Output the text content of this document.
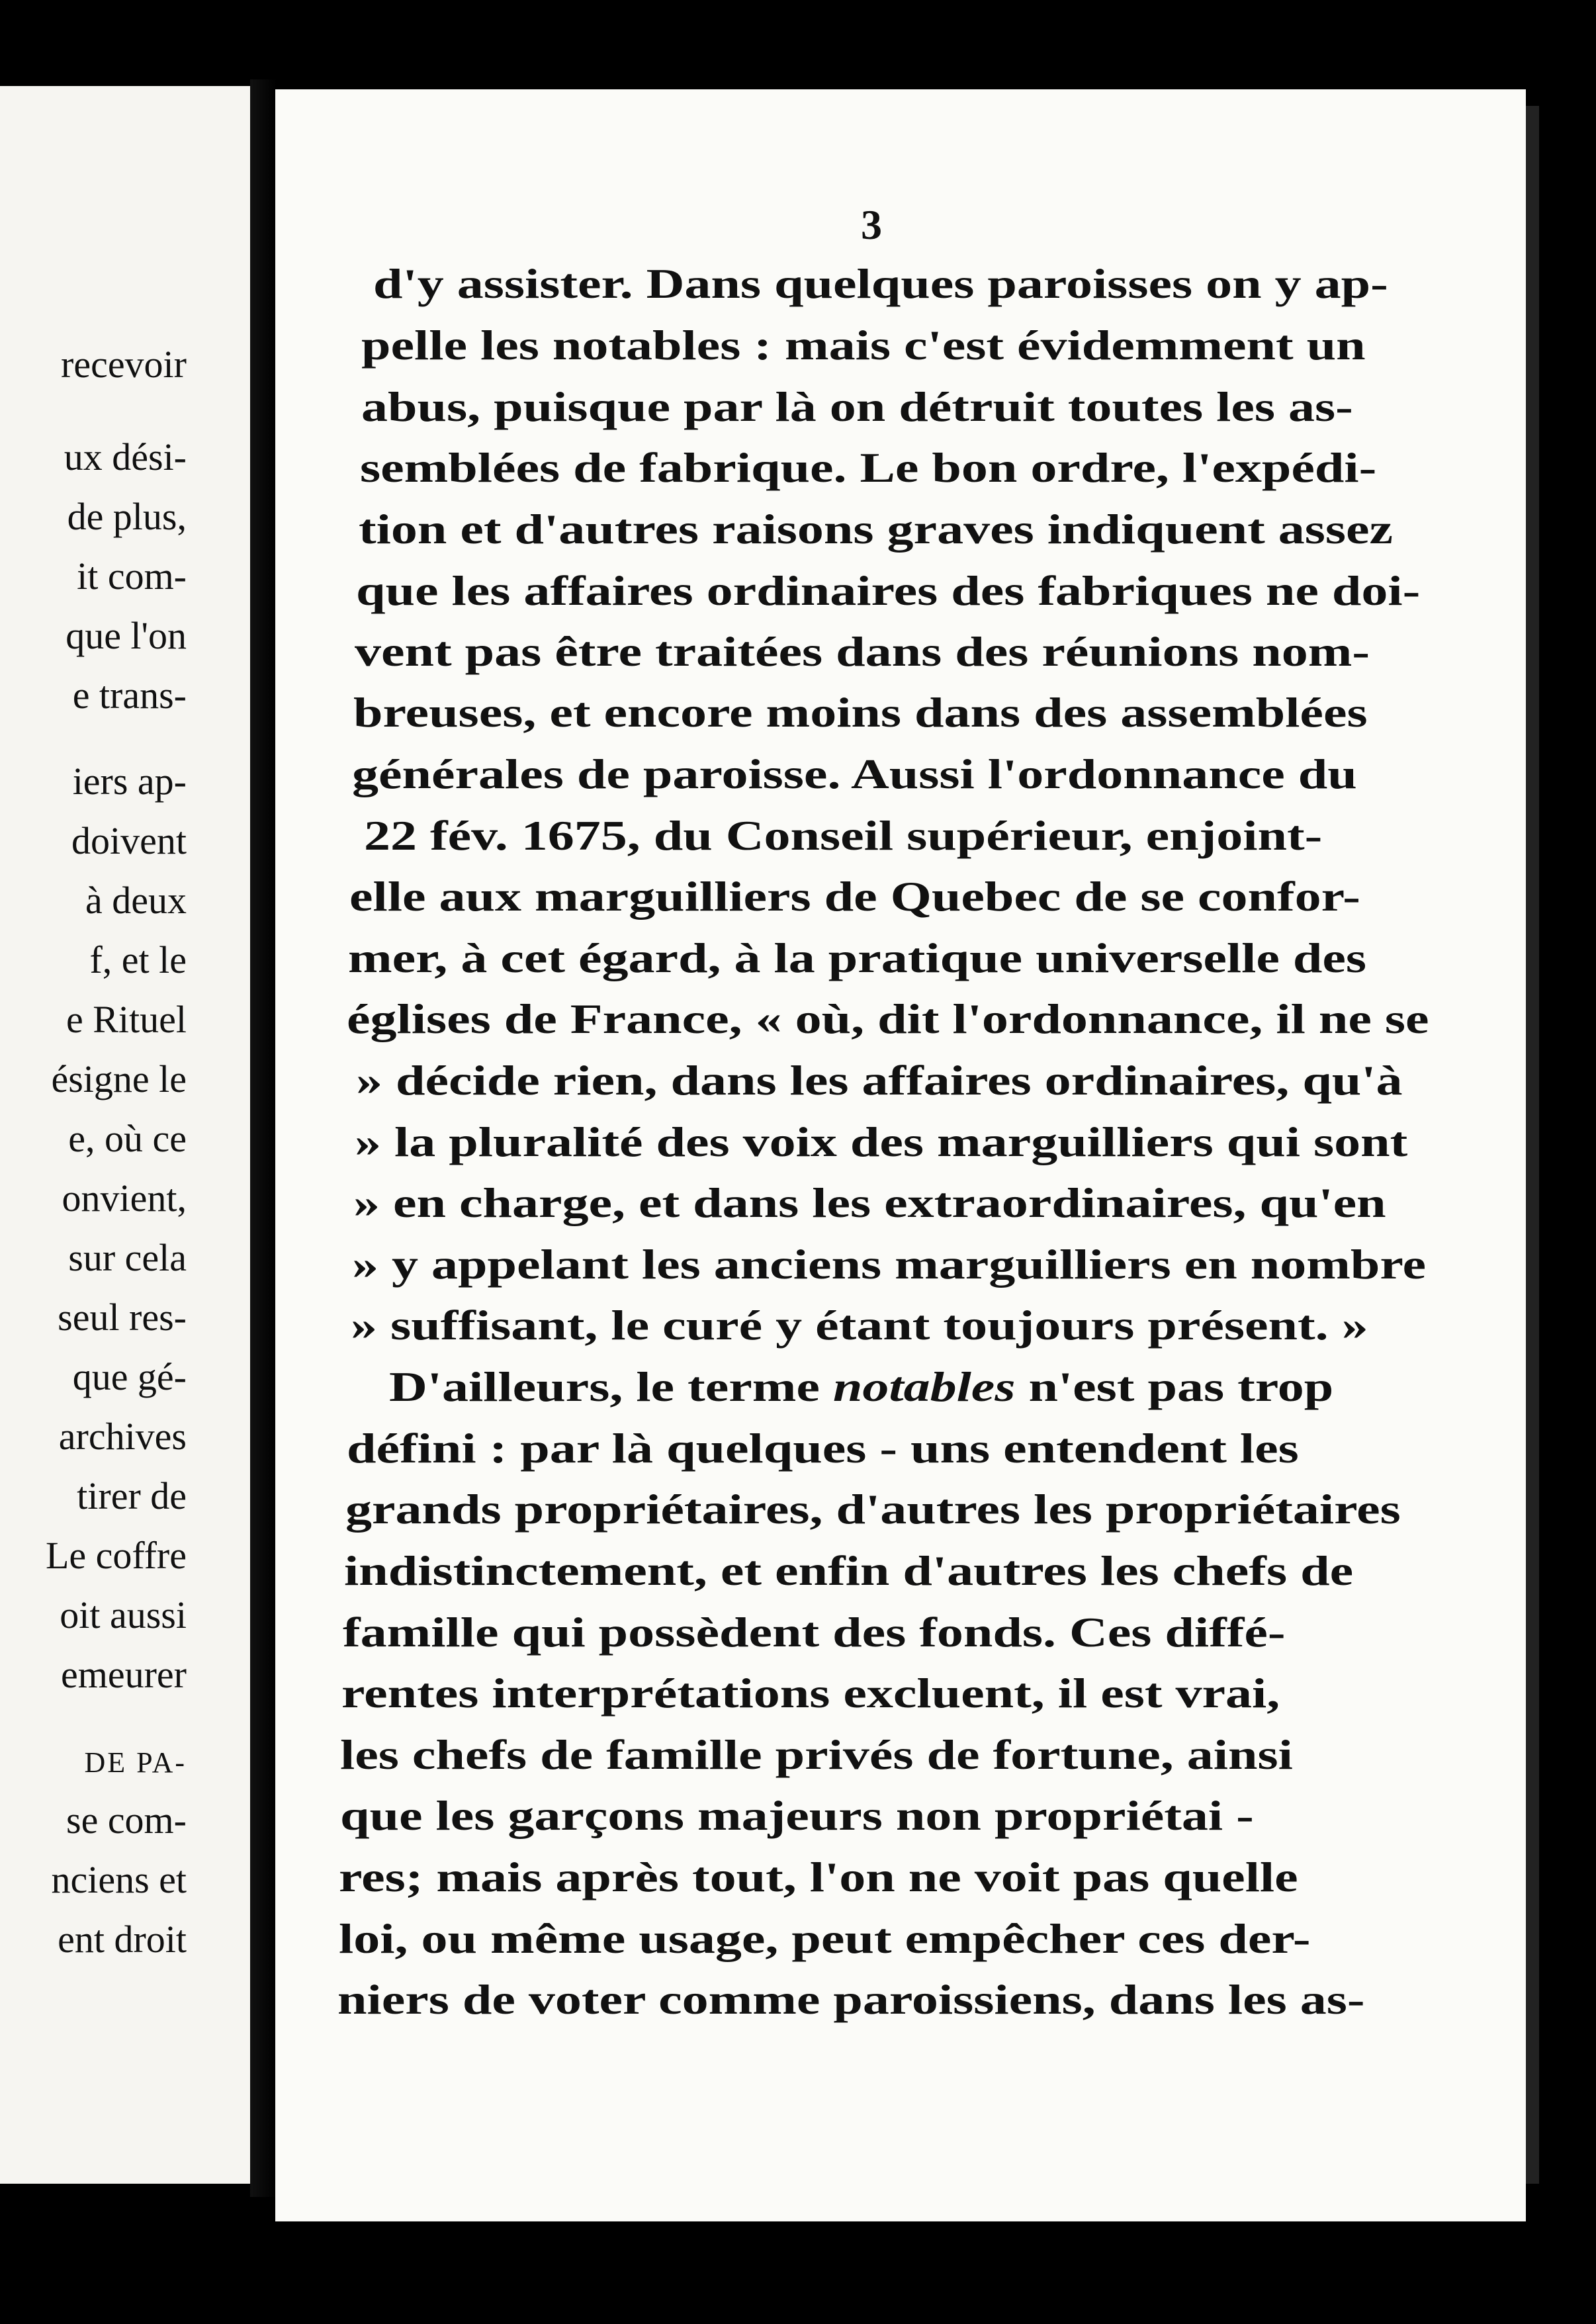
recevoir
ux dési-
de plus,
it com-
que l'on
e trans-
iers ap-
doivent
à deux
f, et le
e Rituel
ésigne le
e, où ce
onvient,
sur cela
seul res-
que gé-
archives
tirer de
Le coffre
oit aussi
emeurer
DE PA-
se com-
nciens et
ent droit
3
d'y assister. Dans quelques paroisses on y ap-
pelle les notables : mais c'est évidemment un
abus, puisque par là on détruit toutes les as-
semblées de fabrique. Le bon ordre, l'expédi-
tion et d'autres raisons graves indiquent assez
que les affaires ordinaires des fabriques ne doi-
vent pas être traitées dans des réunions nom-
breuses, et encore moins dans des assemblées
générales de paroisse. Aussi l'ordonnance du
22 fév. 1675, du Conseil supérieur, enjoint-
elle aux marguilliers de Quebec de se confor-
mer, à cet égard, à la pratique universelle des
églises de France, « où, dit l'ordonnance, il ne se
» décide rien, dans les affaires ordinaires, qu'à
» la pluralité des voix des marguilliers qui sont
» en charge, et dans les extraordinaires, qu'en
» y appelant les anciens marguilliers en nombre
» suffisant, le curé y étant toujours présent. »
D'ailleurs, le terme notables n'est pas trop
défini : par là quelques - uns entendent les
grands propriétaires, d'autres les propriétaires
indistinctement, et enfin d'autres les chefs de
famille qui possèdent des fonds. Ces diffé-
rentes interprétations excluent, il est vrai,
les chefs de famille privés de fortune, ainsi
que les garçons majeurs non propriétai -
res; mais après tout, l'on ne voit pas quelle
loi, ou même usage, peut empêcher ces der-
niers de voter comme paroissiens, dans les as-
